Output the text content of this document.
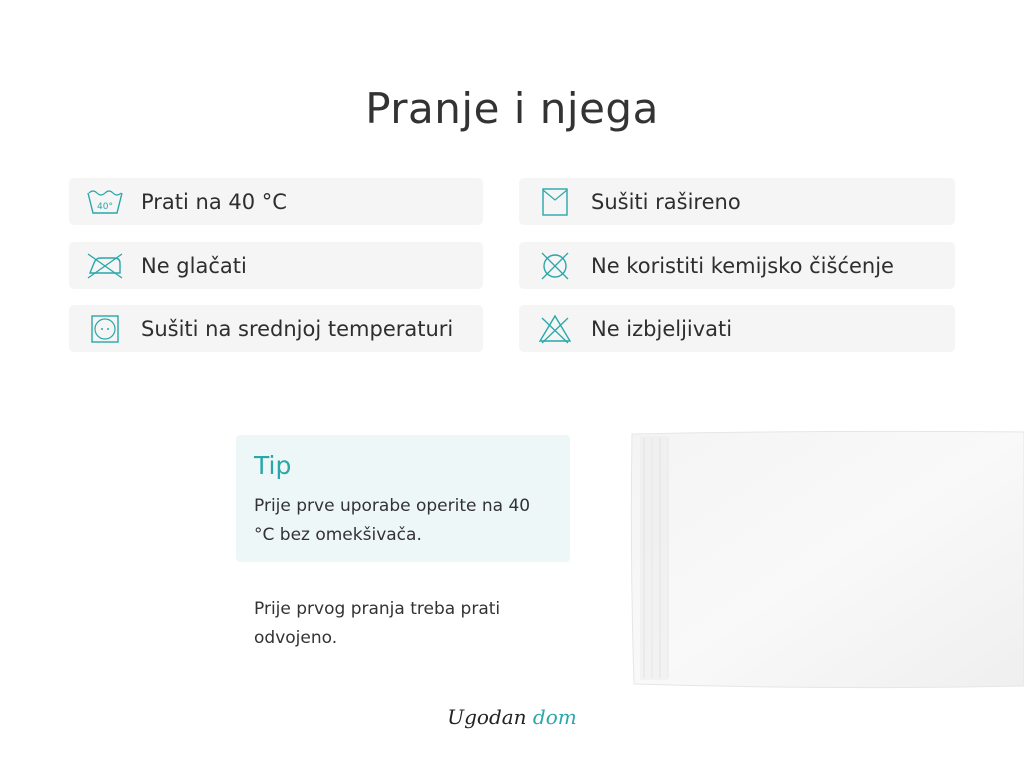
Pranje i njega
40° Prati na 40 °C	Sušiti rašireno
Ne glačati	Ne koristiti kemijsko čišćenje
Sušiti na srednjoj temperaturi	Ne izbjeljivati
Tip
Prije prve uporabe operite na 40 °C bez omekšivača.
Prije prvog pranja treba prati odvojeno.
Ugodan dom
